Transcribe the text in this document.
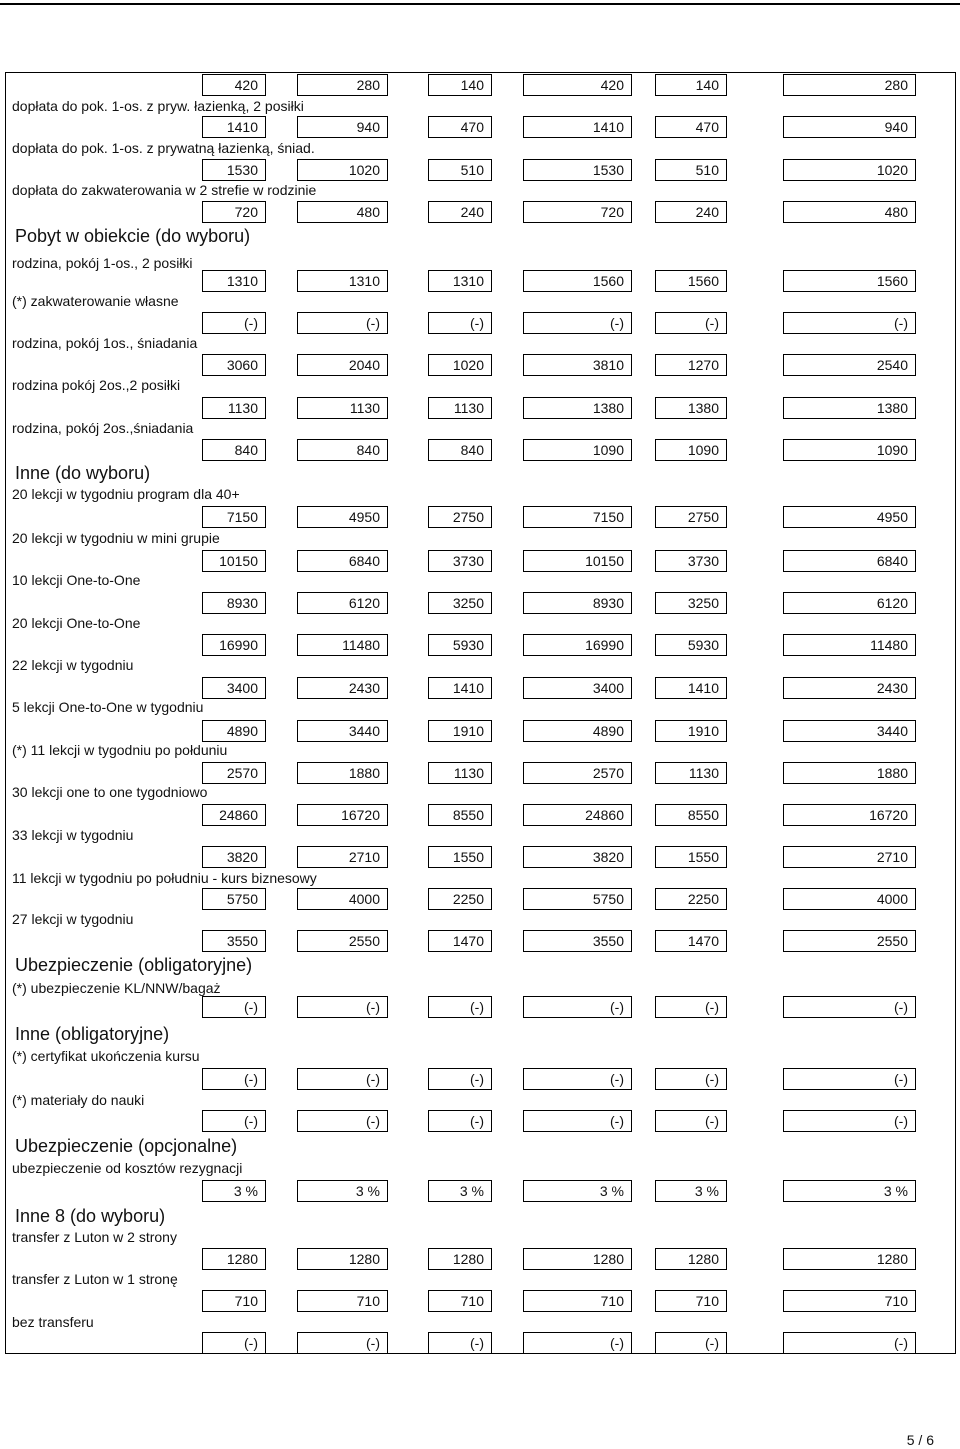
420	280	140	420	140	280
dopłata do pok. 1-os. z pryw. łazienką, 2 posiłki
1410	940	470	1410	470	940
dopłata do pok. 1-os. z prywatną łazienką, śniad.
1530	1020	510	1530	510	1020
dopłata do zakwaterowania w 2 strefie w rodzinie
720	480	240	720	240	480
Pobyt w obiekcie (do wyboru)
rodzina, pokój 1-os., 2 posiłki
1310	1310	1310	1560	1560	1560
(*) zakwaterowanie własne
(-)	(-)	(-)	(-)	(-)	(-)
rodzina, pokój 1os., śniadania
3060	2040	1020	3810	1270	2540
rodzina pokój 2os.,2 posiłki
1130	1130	1130	1380	1380	1380
rodzina, pokój 2os.,śniadania
840	840	840	1090	1090	1090
Inne (do wyboru)
20 lekcji w tygodniu program dla 40+
7150	4950	2750	7150	2750	4950
20 lekcji w tygodniu w mini grupie
10150	6840	3730	10150	3730	6840
10 lekcji One-to-One
8930	6120	3250	8930	3250	6120
20 lekcji One-to-One
16990	11480	5930	16990	5930	11480
22 lekcji w tygodniu
3400	2430	1410	3400	1410	2430
5 lekcji One-to-One w tygodniu
4890	3440	1910	4890	1910	3440
(*) 11 lekcji w tygodniu po połduniu
2570	1880	1130	2570	1130	1880
30 lekcji one to one tygodniowo
24860	16720	8550	24860	8550	16720
33 lekcji w tygodniu
3820	2710	1550	3820	1550	2710
11 lekcji w tygodniu po południu - kurs biznesowy
5750	4000	2250	5750	2250	4000
27 lekcji w tygodniu
3550	2550	1470	3550	1470	2550
Ubezpieczenie (obligatoryjne)
(*) ubezpieczenie KL/NNW/bagaż
(-)	(-)	(-)	(-)	(-)	(-)
Inne (obligatoryjne)
(*) certyfikat ukończenia kursu
(-)	(-)	(-)	(-)	(-)	(-)
(*) materiały do nauki
(-)	(-)	(-)	(-)	(-)	(-)
Ubezpieczenie (opcjonalne)
ubezpieczenie od kosztów rezygnacji
3 %	3 %	3 %	3 %	3 %	3 %
Inne 8 (do wyboru)
transfer z Luton w 2 strony
1280	1280	1280	1280	1280	1280
transfer z Luton w 1 stronę
710	710	710	710	710	710
bez transferu
(-)	(-)	(-)	(-)	(-)	(-)
5 / 6
